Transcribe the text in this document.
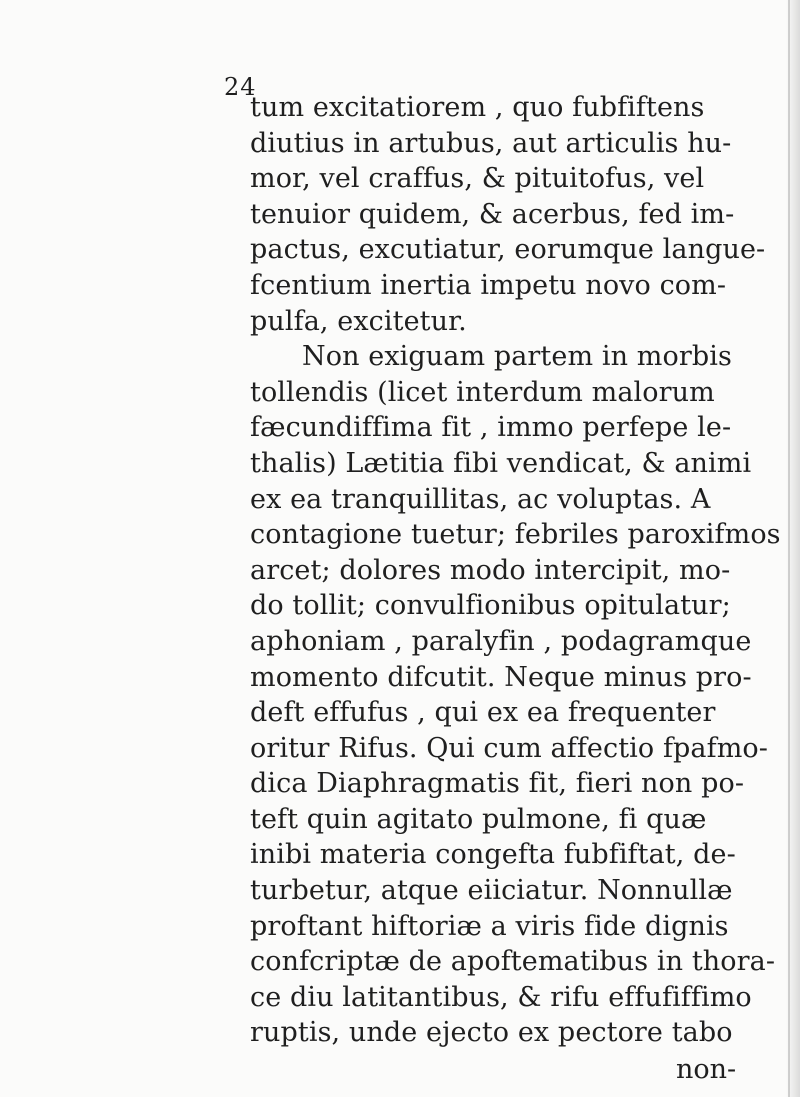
24
tum excitatiorem , quo fubfiftens
diutius in artubus, aut articulis hu-
mor, vel craffus, & pituitofus, vel
tenuior quidem, & acerbus, fed im-
pactus, excutiatur, eorumque langue-
fcentium inertia impetu novo com-
pulfa, excitetur.
Non exiguam partem in morbis
tollendis (licet interdum malorum
fæcundiffima fit , immo perfepe le-
thalis) Lætitia fibi vendicat, & animi
ex ea tranquillitas, ac voluptas. A
contagione tuetur; febriles paroxifmos
arcet; dolores modo intercipit, mo-
do tollit; convulfionibus opitulatur;
aphoniam , paralyfin , podagramque
momento difcutit. Neque minus pro-
deft effufus , qui ex ea frequenter
oritur Rifus. Qui cum affectio fpafmo-
dica Diaphragmatis fit, fieri non po-
teft quin agitato pulmone, fi quæ
inibi materia congefta fubfiftat, de-
turbetur, atque eiiciatur. Nonnullæ
proftant hiftoriæ a viris fide dignis
confcriptæ de apoftematibus in thora-
ce diu latitantibus, & rifu effufiffimo
ruptis, unde ejecto ex pectore tabo
non-
